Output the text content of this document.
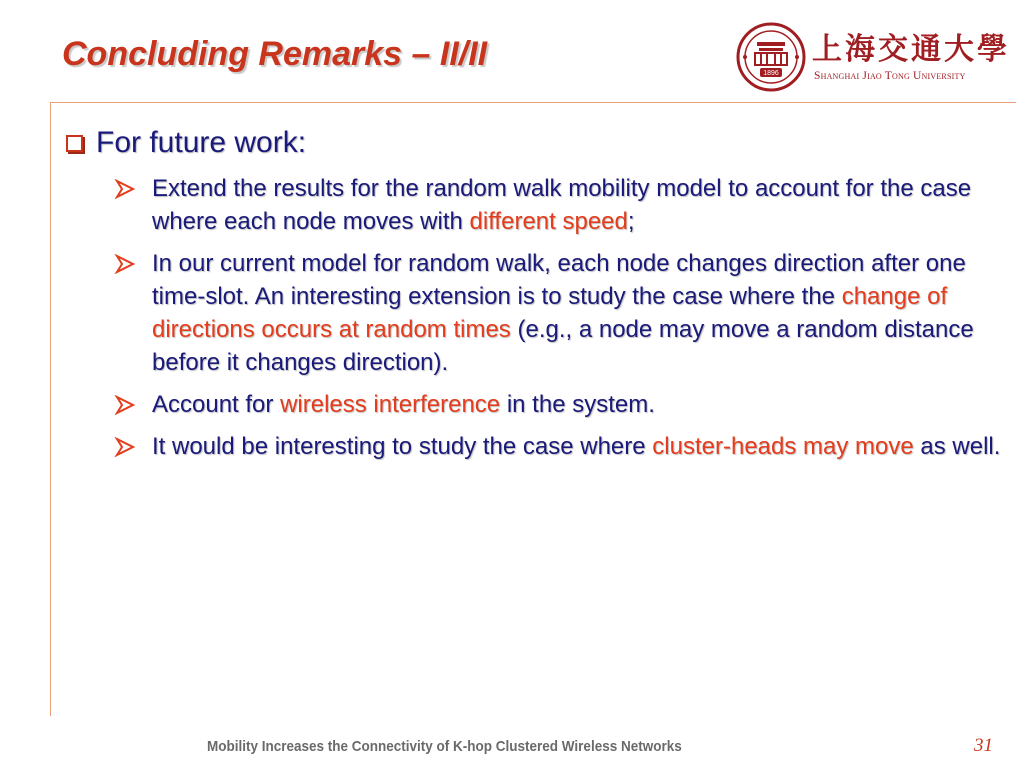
Concluding Remarks – II/II
1896
上海交通大學
Shanghai Jiao Tong University
For future work:
Extend the results for the random walk mobility model to account for the case where each node moves with different speed;
In our current model for random walk, each node changes direction after one time-slot. An interesting extension is to study the case where the change of directions occurs at random times (e.g., a node may move a random distance before it changes direction).
Account for wireless interference in the system.
It would be interesting to study the case where cluster-heads may move as well.
Mobility Increases the Connectivity of K-hop Clustered Wireless Networks	31
